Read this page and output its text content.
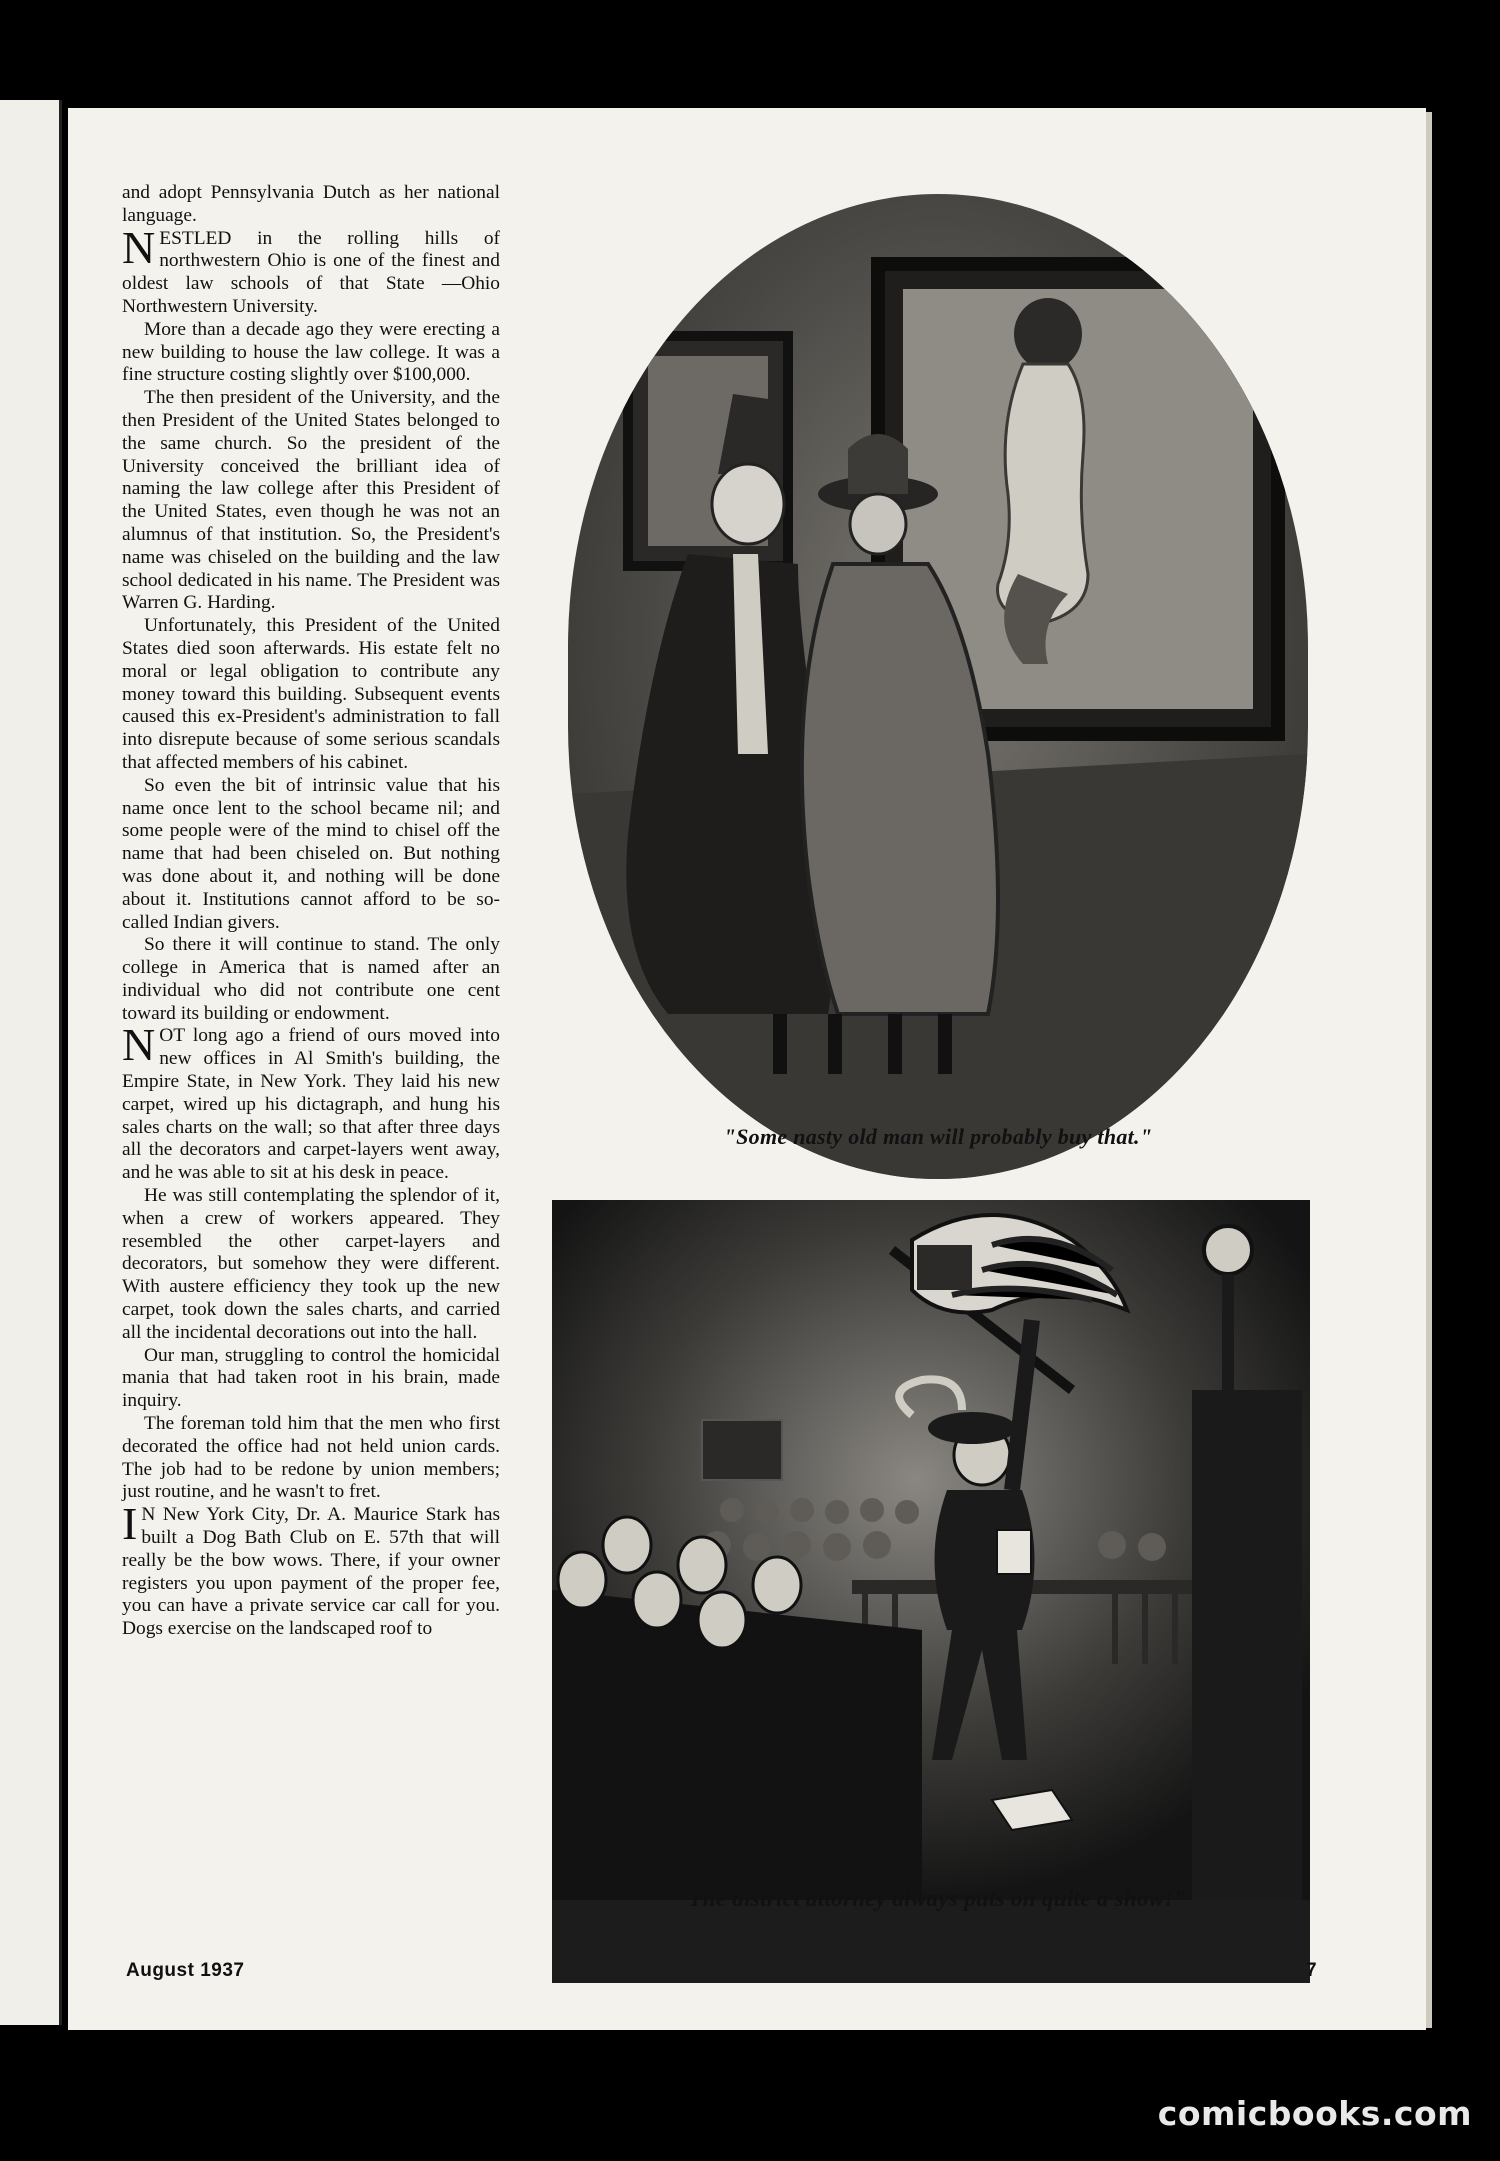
and adopt Pennsylvania Dutch as her national language.

NESTLED in the rolling hills of northwestern Ohio is one of the finest and oldest law schools of that State —Ohio Northwestern University.

More than a decade ago they were erecting a new building to house the law college. It was a fine structure costing slightly over $100,000.

The then president of the University, and the then President of the United States belonged to the same church. So the president of the University conceived the brilliant idea of naming the law college after this President of the United States, even though he was not an alumnus of that institution. So, the President's name was chiseled on the building and the law school dedicated in his name. The President was Warren G. Harding.

Unfortunately, this President of the United States died soon afterwards. His estate felt no moral or legal obligation to contribute any money toward this building. Subsequent events caused this ex-President's administration to fall into disrepute because of some serious scandals that affected members of his cabinet.

So even the bit of intrinsic value that his name once lent to the school became nil; and some people were of the mind to chisel off the name that had been chiseled on. But nothing was done about it, and nothing will be done about it. Institutions cannot afford to be so-called Indian givers.

So there it will continue to stand. The only college in America that is named after an individual who did not contribute one cent toward its building or endowment.

NOT long ago a friend of ours moved into new offices in Al Smith's building, the Empire State, in New York. They laid his new carpet, wired up his dictagraph, and hung his sales charts on the wall; so that after three days all the decorators and carpet-layers went away, and he was able to sit at his desk in peace.

He was still contemplating the splendor of it, when a crew of workers appeared. They resembled the other carpet-layers and decorators, but somehow they were different. With austere efficiency they took up the new carpet, took down the sales charts, and carried all the incidental decorations out into the hall.

Our man, struggling to control the homicidal mania that had taken root in his brain, made inquiry.

The foreman told him that the men who first decorated the office had not held union cards. The job had to be redone by union members; just routine, and he wasn't to fret.

IN New York City, Dr. A. Maurice Stark has built a Dog Bath Club on E. 57th that will really be the bow wows. There, if your owner registers you upon payment of the proper fee, you can have a private service car call for you. Dogs exercise on the landscaped roof to

"Some nasty old man will probably buy that."
"The district attorney always puts on quite a show!"
August 1937	7
comicbooks.com
